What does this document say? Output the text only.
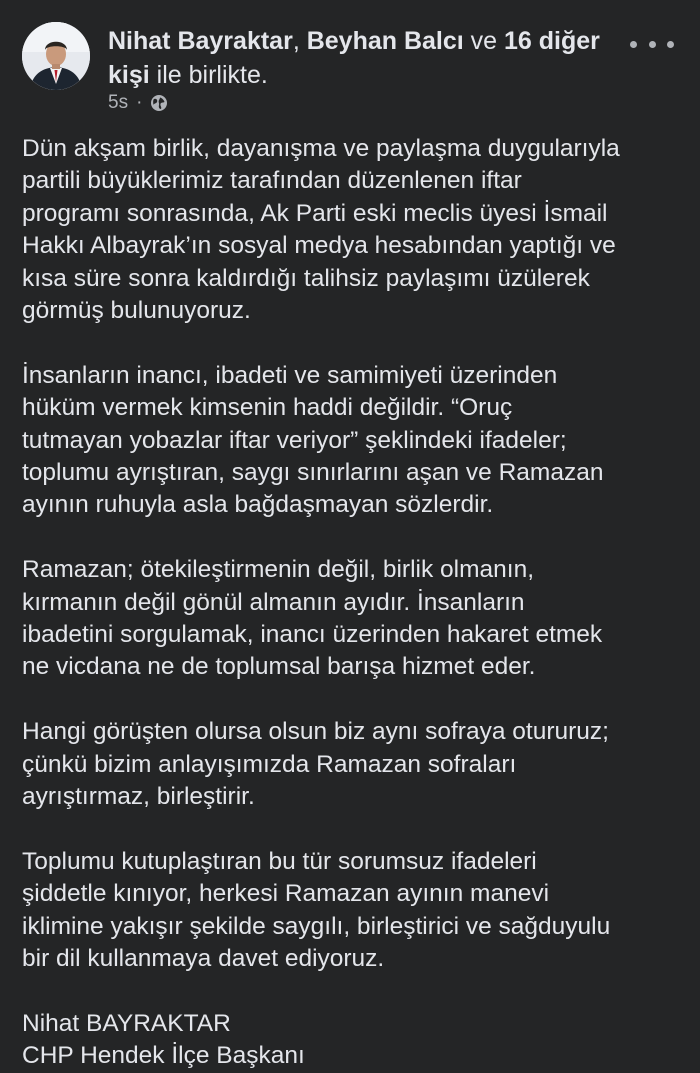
Nihat Bayraktar, Beyhan Balcı ve 16 diğer
kişi ile birlikte.
5s ·

Dün akşam birlik, dayanışma ve paylaşma duygularıyla
partili büyüklerimiz tarafından düzenlenen iftar
programı sonrasında, Ak Parti eski meclis üyesi İsmail
Hakkı Albayrak’ın sosyal medya hesabından yaptığı ve
kısa süre sonra kaldırdığı talihsiz paylaşımı üzülerek
görmüş bulunuyoruz.

İnsanların inancı, ibadeti ve samimiyeti üzerinden
hüküm vermek kimsenin haddi değildir. “Oruç
tutmayan yobazlar iftar veriyor” şeklindeki ifadeler;
toplumu ayrıştıran, saygı sınırlarını aşan ve Ramazan
ayının ruhuyla asla bağdaşmayan sözlerdir.

Ramazan; ötekileştirmenin değil, birlik olmanın,
kırmanın değil gönül almanın ayıdır. İnsanların
ibadetini sorgulamak, inancı üzerinden hakaret etmek
ne vicdana ne de toplumsal barışa hizmet eder.

Hangi görüşten olursa olsun biz aynı sofraya otururuz;
çünkü bizim anlayışımızda Ramazan sofraları
ayrıştırmaz, birleştirir.

Toplumu kutuplaştıran bu tür sorumsuz ifadeleri
şiddetle kınıyor, herkesi Ramazan ayının manevi
iklimine yakışır şekilde saygılı, birleştirici ve sağduyulu
bir dil kullanmaya davet ediyoruz.

Nihat BAYRAKTAR
CHP Hendek İlçe Başkanı
